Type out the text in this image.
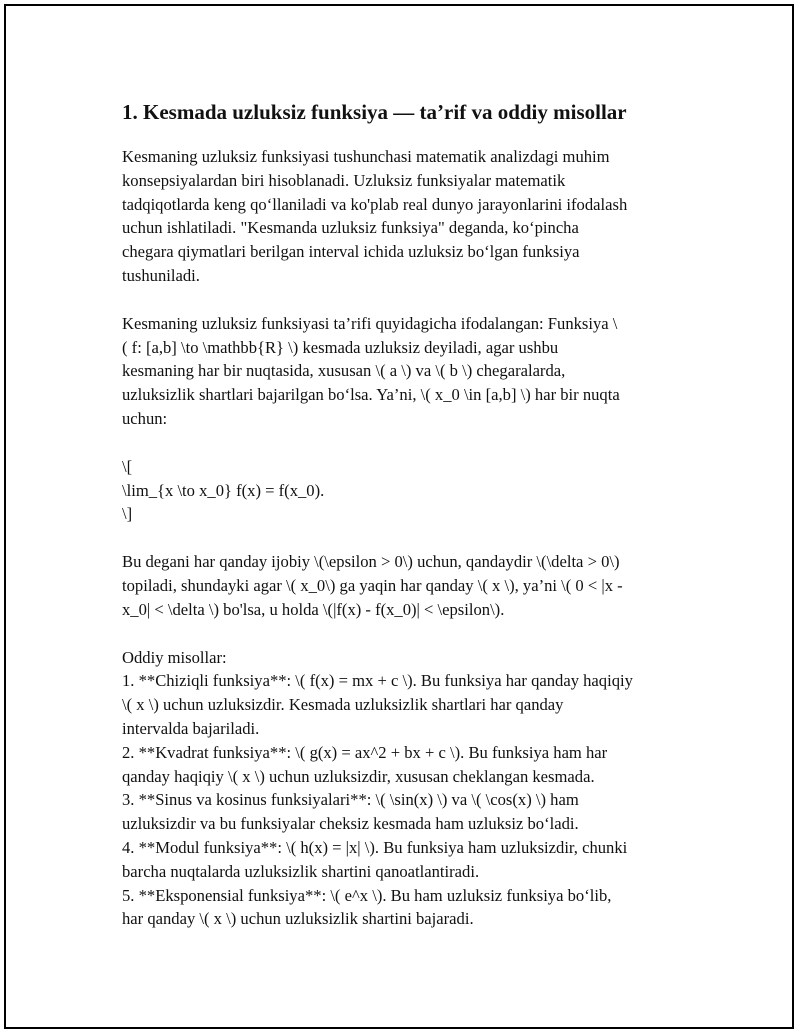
1. Kesmada uzluksiz funksiya — ta’rif va oddiy misollar

Kesmaning uzluksiz funksiyasi tushunchasi matematik analizdagi muhim
konsepsiyalardan biri hisoblanadi. Uzluksiz funksiyalar matematik
tadqiqotlarda keng qoʻllaniladi va ko'plab real dunyo jarayonlarini ifodalash
uchun ishlatiladi. "Kesmanda uzluksiz funksiya" deganda, koʻpincha
chegara qiymatlari berilgan interval ichida uzluksiz boʻlgan funksiya
tushuniladi.

Kesmaning uzluksiz funksiyasi ta’rifi quyidagicha ifodalangan: Funksiya \
( f: [a,b] \to \mathbb{R} \) kesmada uzluksiz deyiladi, agar ushbu
kesmaning har bir nuqtasida, xususan \( a \) va \( b \) chegaralarda,
uzluksizlik shartlari bajarilgan boʻlsa. Ya’ni, \( x_0 \in [a,b] \) har bir nuqta
uchun:

\[
\lim_{x \to x_0} f(x) = f(x_0).
\]

Bu degani har qanday ijobiy \(\epsilon > 0\) uchun, qandaydir \(\delta > 0\)
topiladi, shundayki agar \( x_0\) ga yaqin har qanday \( x \), ya’ni \( 0 < |x -
x_0| < \delta \) bo'lsa, u holda \(|f(x) - f(x_0)| < \epsilon\).

Oddiy misollar:
1. **Chiziqli funksiya**: \( f(x) = mx + c \). Bu funksiya har qanday haqiqiy
\( x \) uchun uzluksizdir. Kesmada uzluksizlik shartlari har qanday
intervalda bajariladi.
2. **Kvadrat funksiya**: \( g(x) = ax^2 + bx + c \). Bu funksiya ham har
qanday haqiqiy \( x \) uchun uzluksizdir, xususan cheklangan kesmada.
3. **Sinus va kosinus funksiyalari**: \( \sin(x) \) va \( \cos(x) \) ham
uzluksizdir va bu funksiyalar cheksiz kesmada ham uzluksiz boʻladi.
4. **Modul funksiya**: \( h(x) = |x| \). Bu funksiya ham uzluksizdir, chunki
barcha nuqtalarda uzluksizlik shartini qanoatlantiradi.
5. **Eksponensial funksiya**: \( e^x \). Bu ham uzluksiz funksiya boʻlib,
har qanday \( x \) uchun uzluksizlik shartini bajaradi.
